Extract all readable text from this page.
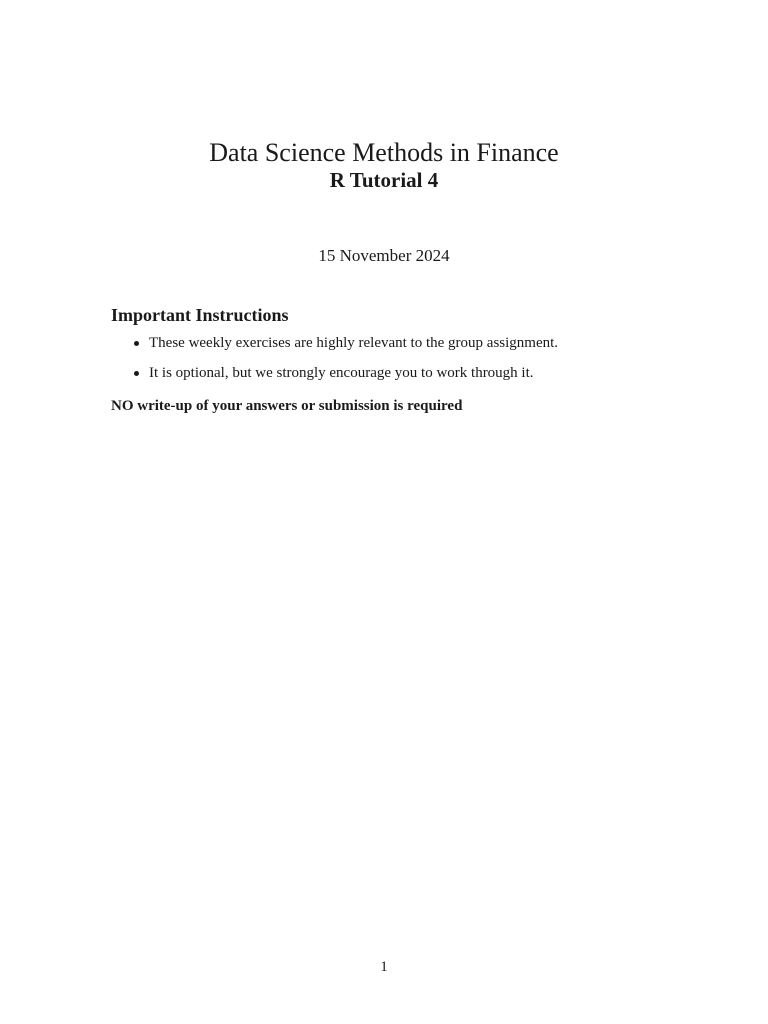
Data Science Methods in Finance
R Tutorial 4
15 November 2024
Important Instructions
These weekly exercises are highly relevant to the group assignment.
It is optional, but we strongly encourage you to work through it.
NO write-up of your answers or submission is required
1
